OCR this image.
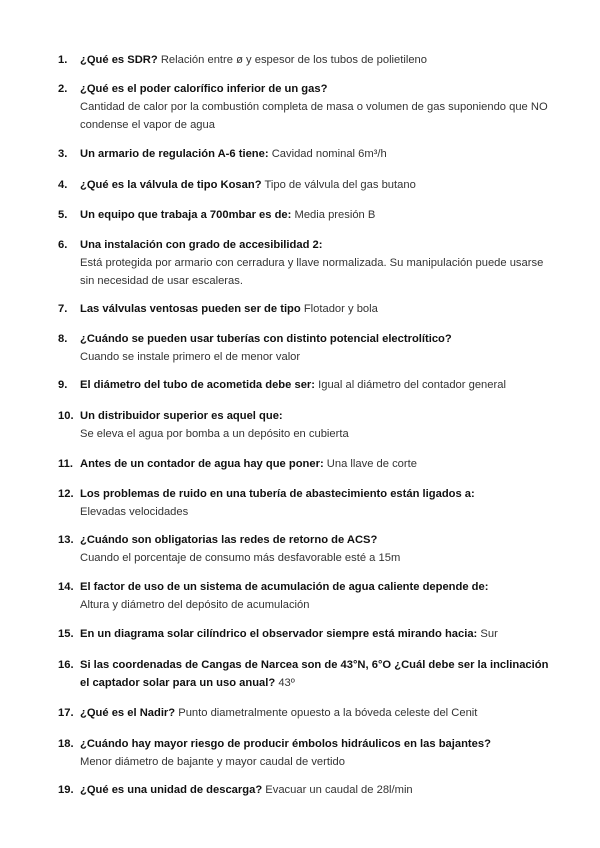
1.	¿Qué es SDR? Relación entre ø y espesor de los tubos de polietileno
2.	¿Qué es el poder calorífico inferior de un gas?
Cantidad de calor por la combustión completa de masa o volumen de gas suponiendo que NO condense el vapor de agua
3.	Un armario de regulación A-6 tiene: Cavidad nominal 6m³/h
4.	¿Qué es la válvula de tipo Kosan? Tipo de válvula del gas butano
5.	Un equipo que trabaja a 700mbar es de: Media presión B
6.	Una instalación con grado de accesibilidad 2:
Está protegida por armario con cerradura y llave normalizada. Su manipulación puede usarse sin necesidad de usar escaleras.
7.	Las válvulas ventosas pueden ser de tipo Flotador y bola
8.	¿Cuándo se pueden usar tuberías con distinto potencial electrolítico?
Cuando se instale primero el de menor valor
9.	El diámetro del tubo de acometida debe ser: Igual al diámetro del contador general
10. Un distribuidor superior es aquel que:
Se eleva el agua por bomba a un depósito en cubierta
11. Antes de un contador de agua hay que poner: Una llave de corte
12. Los problemas de ruido en una tubería de abastecimiento están ligados a:
Elevadas velocidades
13. ¿Cuándo son obligatorias las redes de retorno de ACS?
Cuando el porcentaje de consumo más desfavorable esté a 15m
14. El factor de uso de un sistema de acumulación de agua caliente depende de:
Altura y diámetro del depósito de acumulación
15. En un diagrama solar cilíndrico el observador siempre está mirando hacia: Sur
16. Si las coordenadas de Cangas de Narcea son de 43°N, 6°O ¿Cuál debe ser la inclinación el captador solar para un uso anual? 43º
17. ¿Qué es el Nadir? Punto diametralmente opuesto a la bóveda celeste del Cenit
18. ¿Cuándo hay mayor riesgo de producir émbolos hidráulicos en las bajantes?
Menor diámetro de bajante y mayor caudal de vertido
19. ¿Qué es una unidad de descarga? Evacuar un caudal de 28l/min
